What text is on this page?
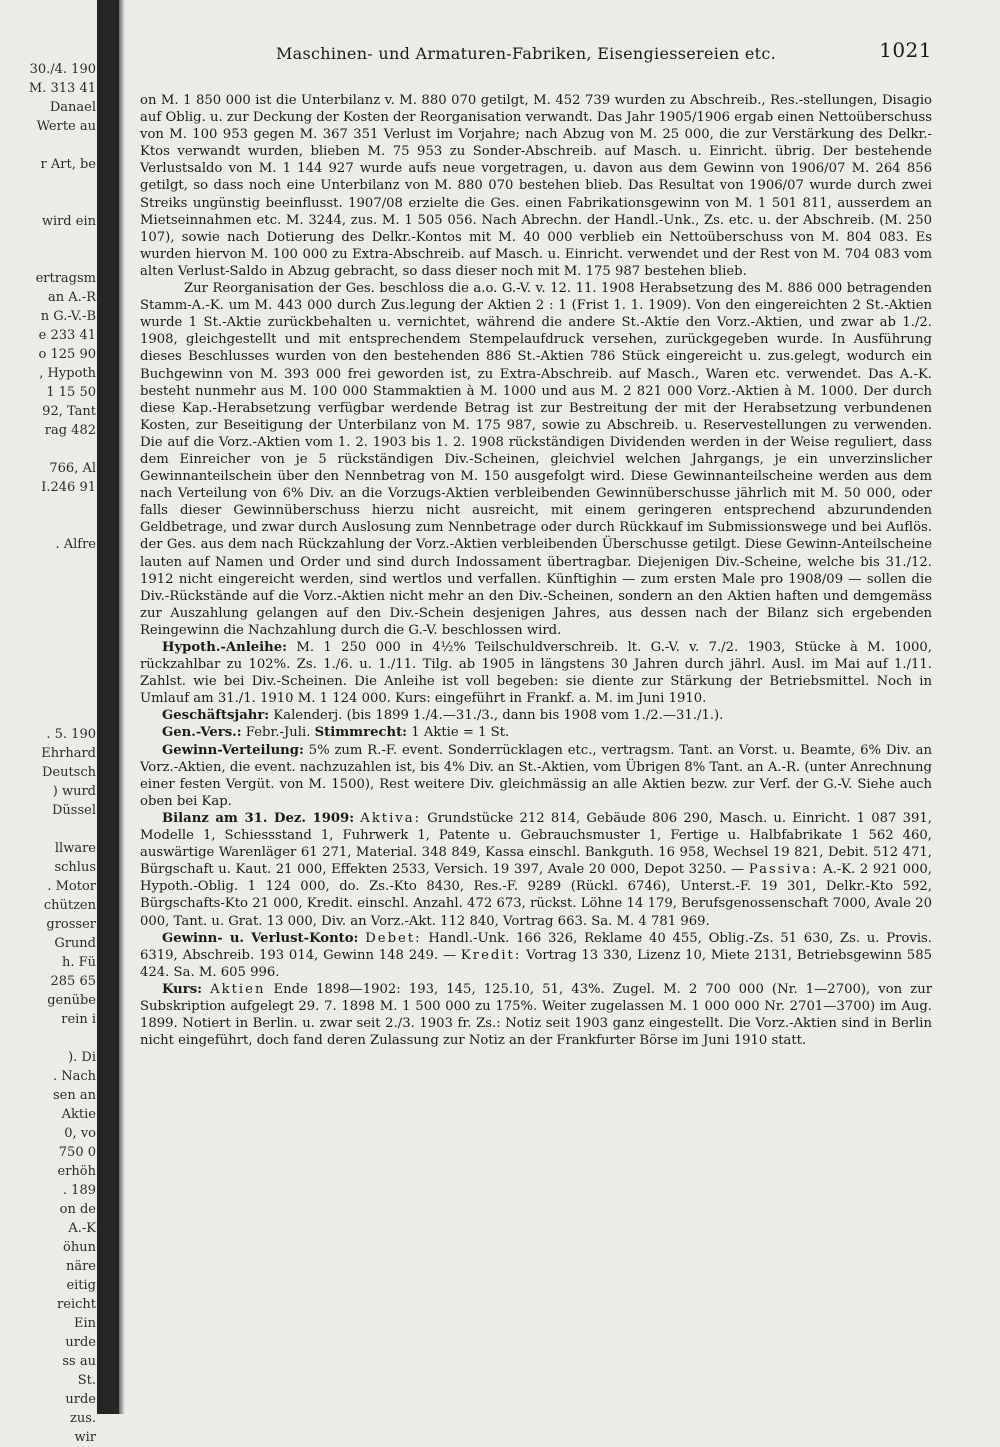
30./4. 190
M. 313 41
Danael
Werte au

r Art, be

wird ein

ertragsm
an A.-R
n G.-V.-B
e 233 41
o 125 90
, Hypoth
1 15 50
92, Tant
rag 482

766, Al
I.246 91

. Alfre

. 5. 190
Ehrhard
Deutsch
) wurd
Düssel

llware
schlus
. Motor
chützen
grosser
Grund
h. Fü
285 65
genübe
rein i

). Di
. Nach
sen an
Aktie
0, vo
750 0
erhöh
. 189
on de
A.-K
öhun
näre
eitig
reicht
Ein
urde
ss au
St.
urde
zus.
wir
Maschinen- und Armaturen-Fabriken, Eisengiessereien etc.	1021

on M. 1 850 000 ist die Unterbilanz v. M. 880 070 getilgt, M. 452 739 wurden zu Abschreib., Res.-stellungen, Disagio auf Oblig. u. zur Deckung der Kosten der Reorganisation verwandt. Das Jahr 1905/1906 ergab einen Nettoüberschuss von M. 100 953 gegen M. 367 351 Verlust im Vorjahre; nach Abzug von M. 25 000, die zur Verstärkung des Delkr.-Ktos verwandt wurden, blieben M. 75 953 zu Sonder-Abschreib. auf Masch. u. Einricht. übrig. Der bestehende Verlustsaldo von M. 1 144 927 wurde aufs neue vorgetragen, u. davon aus dem Gewinn von 1906/07 M. 264 856 getilgt, so dass noch eine Unterbilanz von M. 880 070 bestehen blieb. Das Resultat von 1906/07 wurde durch zwei Streiks ungünstig beeinflusst. 1907/08 erzielte die Ges. einen Fabrikationsgewinn von M. 1 501 811, ausserdem an Mietseinnahmen etc. M. 3244, zus. M. 1 505 056. Nach Abrechn. der Handl.-Unk., Zs. etc. u. der Abschreib. (M. 250 107), sowie nach Dotierung des Delkr.-Kontos mit M. 40 000 verblieb ein Nettoüberschuss von M. 804 083. Es wurden hiervon M. 100 000 zu Extra-Abschreib. auf Masch. u. Einricht. verwendet und der Rest von M. 704 083 vom alten Verlust-Saldo in Abzug gebracht, so dass dieser noch mit M. 175 987 bestehen blieb.

Zur Reorganisation der Ges. beschloss die a.o. G.-V. v. 12. 11. 1908 Herabsetzung des M. 886 000 betragenden Stamm-A.-K. um M. 443 000 durch Zus.legung der Aktien 2 : 1 (Frist 1. 1. 1909). Von den eingereichten 2 St.-Aktien wurde 1 St.-Aktie zurückbehalten u. vernichtet, während die andere St.-Aktie den Vorz.-Aktien, und zwar ab 1./2. 1908, gleichgestellt und mit entsprechendem Stempelaufdruck versehen, zurückgegeben wurde. In Ausführung dieses Beschlusses wurden von den bestehenden 886 St.-Aktien 786 Stück eingereicht u. zus.gelegt, wodurch ein Buchgewinn von M. 393 000 frei geworden ist, zu Extra-Abschreib. auf Masch., Waren etc. verwendet. Das A.-K. besteht nunmehr aus M. 100 000 Stammaktien à M. 1000 und aus M. 2 821 000 Vorz.-Aktien à M. 1000. Der durch diese Kap.-Herabsetzung verfügbar werdende Betrag ist zur Bestreitung der mit der Herabsetzung verbundenen Kosten, zur Beseitigung der Unterbilanz von M. 175 987, sowie zu Abschreib. u. Reservestellungen zu verwenden. Die auf die Vorz.-Aktien vom 1. 2. 1903 bis 1. 2. 1908 rückständigen Dividenden werden in der Weise reguliert, dass dem Einreicher von je 5 rückständigen Div.-Scheinen, gleichviel welchen Jahrgangs, je ein unverzinslicher Gewinnanteilschein über den Nennbetrag von M. 150 ausgefolgt wird. Diese Gewinnanteilscheine werden aus dem nach Verteilung von 6% Div. an die Vorzugs-Aktien verbleibenden Gewinnüberschusse jährlich mit M. 50 000, oder falls dieser Gewinnüberschuss hierzu nicht ausreicht, mit einem geringeren entsprechend abzurundenden Geldbetrage, und zwar durch Auslosung zum Nennbetrage oder durch Rückkauf im Submissionswege und bei Auflös. der Ges. aus dem nach Rückzahlung der Vorz.-Aktien verbleibenden Überschusse getilgt. Diese Gewinn-Anteilscheine lauten auf Namen und Order und sind durch Indossament übertragbar. Diejenigen Div.-Scheine, welche bis 31./12. 1912 nicht eingereicht werden, sind wertlos und verfallen. Künftighin — zum ersten Male pro 1908/09 — sollen die Div.-Rückstände auf die Vorz.-Aktien nicht mehr an den Div.-Scheinen, sondern an den Aktien haften und demgemäss zur Auszahlung gelangen auf den Div.-Schein desjenigen Jahres, aus dessen nach der Bilanz sich ergebenden Reingewinn die Nachzahlung durch die G.-V. beschlossen wird.

Hypoth.-Anleihe: M. 1 250 000 in 4½% Teilschuldverschreib. lt. G.-V. v. 7./2. 1903, Stücke à M. 1000, rückzahlbar zu 102%. Zs. 1./6. u. 1./11. Tilg. ab 1905 in längstens 30 Jahren durch jährl. Ausl. im Mai auf 1./11. Zahlst. wie bei Div.-Scheinen. Die Anleihe ist voll begeben: sie diente zur Stärkung der Betriebsmittel. Noch in Umlauf am 31./1. 1910 M. 1 124 000. Kurs: eingeführt in Frankf. a. M. im Juni 1910.

Geschäftsjahr: Kalenderj. (bis 1899 1./4.—31./3., dann bis 1908 vom 1./2.—31./1.).

Gen.-Vers.: Febr.-Juli. Stimmrecht: 1 Aktie = 1 St.

Gewinn-Verteilung: 5% zum R.-F. event. Sonderrücklagen etc., vertragsm. Tant. an Vorst. u. Beamte, 6% Div. an Vorz.-Aktien, die event. nachzuzahlen ist, bis 4% Div. an St.-Aktien, vom Übrigen 8% Tant. an A.-R. (unter Anrechnung einer festen Vergüt. von M. 1500), Rest weitere Div. gleichmässig an alle Aktien bezw. zur Verf. der G.-V. Siehe auch oben bei Kap.

Bilanz am 31. Dez. 1909: Aktiva: Grundstücke 212 814, Gebäude 806 290, Masch. u. Einricht. 1 087 391, Modelle 1, Schiessstand 1, Fuhrwerk 1, Patente u. Gebrauchsmuster 1, Fertige u. Halbfabrikate 1 562 460, auswärtige Warenläger 61 271, Material. 348 849, Kassa einschl. Bankguth. 16 958, Wechsel 19 821, Debit. 512 471, Bürgschaft u. Kaut. 21 000, Effekten 2533, Versich. 19 397, Avale 20 000, Depot 3250. — Passiva: A.-K. 2 921 000, Hypoth.-Oblig. 1 124 000, do. Zs.-Kto 8430, Res.-F. 9289 (Rückl. 6746), Unterst.-F. 19 301, Delkr.-Kto 592, Bürgschafts-Kto 21 000, Kredit. einschl. Anzahl. 472 673, rückst. Löhne 14 179, Berufsgenossenschaft 7000, Avale 20 000, Tant. u. Grat. 13 000, Div. an Vorz.-Akt. 112 840, Vortrag 663. Sa. M. 4 781 969.

Gewinn- u. Verlust-Konto: Debet: Handl.-Unk. 166 326, Reklame 40 455, Oblig.-Zs. 51 630, Zs. u. Provis. 6319, Abschreib. 193 014, Gewinn 148 249. — Kredit: Vortrag 13 330, Lizenz 10, Miete 2131, Betriebsgewinn 585 424. Sa. M. 605 996.

Kurs: Aktien Ende 1898—1902: 193, 145, 125.10, 51, 43%. Zugel. M. 2 700 000 (Nr. 1—2700), von zur Subskription aufgelegt 29. 7. 1898 M. 1 500 000 zu 175%. Weiter zugelassen M. 1 000 000 Nr. 2701—3700) im Aug. 1899. Notiert in Berlin. u. zwar seit 2./3. 1903 fr. Zs.: Notiz seit 1903 ganz eingestellt. Die Vorz.-Aktien sind in Berlin nicht eingeführt, doch fand deren Zulassung zur Notiz an der Frankfurter Börse im Juni 1910 statt.
